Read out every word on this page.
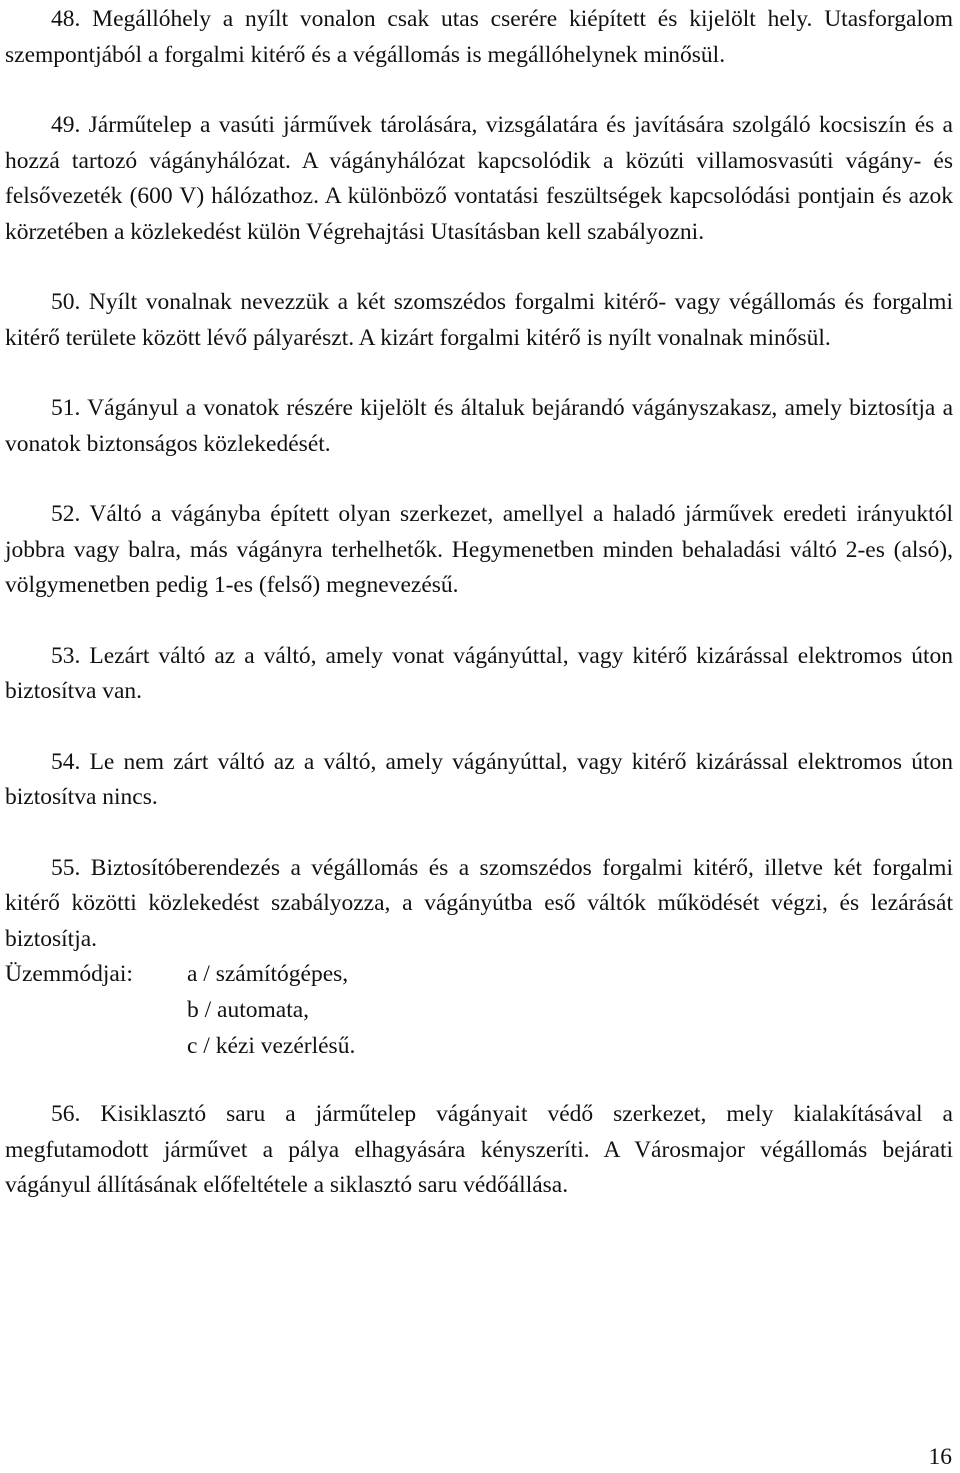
48. Megállóhely a nyílt vonalon csak utas cserére kiépített és kijelölt hely. Utasforgalom szempontjából a forgalmi kitérő és a végállomás is megállóhelynek minősül.

49. Járműtelep a vasúti járművek tárolására, vizsgálatára és javítására szolgáló kocsiszín és a hozzá tartozó vágányhálózat. A vágányhálózat kapcsolódik a közúti villamosvasúti vágány- és felsővezeték (600 V) hálózathoz. A különböző vontatási feszültségek kapcsolódási pontjain és azok körzetében a közlekedést külön Végrehajtási Utasításban kell szabályozni.

50. Nyílt vonalnak nevezzük a két szomszédos forgalmi kitérő- vagy végállomás és forgalmi kitérő területe között lévő pályarészt. A kizárt forgalmi kitérő is nyílt vonalnak minősül.

51. Vágányul a vonatok részére kijelölt és általuk bejárandó vágányszakasz, amely biztosítja a vonatok biztonságos közlekedését.

52. Váltó a vágányba épített olyan szerkezet, amellyel a haladó járművek eredeti irányuktól jobbra vagy balra, más vágányra terhelhetők. Hegymenetben minden behaladási váltó 2-es (alsó), völgymenetben pedig 1-es (felső) megnevezésű.

53. Lezárt váltó az a váltó, amely vonat vágányúttal, vagy kitérő kizárással elektromos úton biztosítva van.

54. Le nem zárt váltó az a váltó, amely vágányúttal, vagy kitérő kizárással elektromos úton biztosítva nincs.

55. Biztosítóberendezés a végállomás és a szomszédos forgalmi kitérő, illetve két forgalmi kitérő közötti közlekedést szabályozza, a vágányútba eső váltók működését végzi, és lezárását biztosítja.

Üzemmódjai: a / számítógépes,
b / automata,
c / kézi vezérlésű.

56. Kisiklasztó saru a járműtelep vágányait védő szerkezet, mely kialakításával a megfutamodott járművet a pálya elhagyására kényszeríti. A Városmajor végállomás bejárati vágányul állításának előfeltétele a siklasztó saru védőállása.

16
